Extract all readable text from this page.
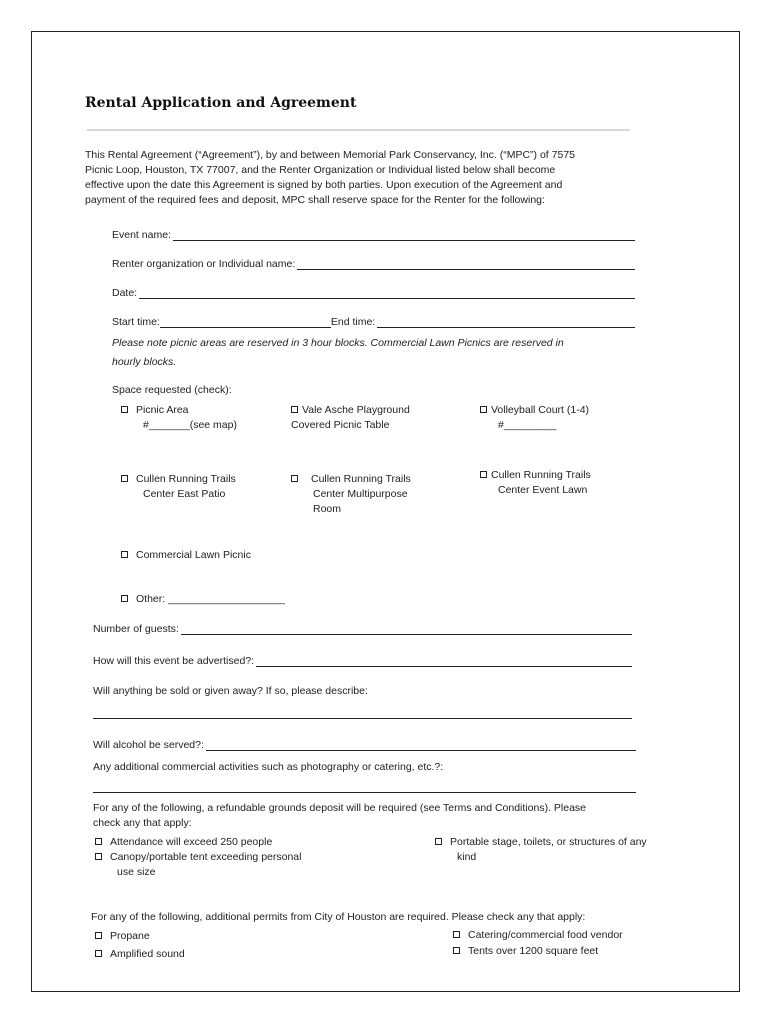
Rental Application and Agreement
This Rental Agreement (“Agreement”), by and between Memorial Park Conservancy, Inc. (“MPC”) of 7575
Picnic Loop, Houston, TX 77007, and the Renter Organization or Individual listed below shall become
effective upon the date this Agreement is signed by both parties. Upon execution of the Agreement and
payment of the required fees and deposit, MPC shall reserve space for the Renter for the following:
Event name:
Renter organization or Individual name:
Date:
Start time:	End time:
Please note picnic areas are reserved in 3 hour blocks. Commercial Lawn Picnics are reserved in
hourly blocks.
Space requested (check):
Picnic Area
#_______(see map)
Vale Asche Playground
Covered Picnic Table
Volleyball Court (1-4)
#_________
Cullen Running Trails
Center East Patio
Cullen Running Trails
Center Multipurpose
Room
Cullen Running Trails
Center Event Lawn
Commercial Lawn Picnic
Other: ____________________
Number of guests:
How will this event be advertised?:
Will anything be sold or given away? If so, please describe:
Will alcohol be served?:
Any additional commercial activities such as photography or catering, etc.?:
For any of the following, a refundable grounds deposit will be required (see Terms and Conditions). Please
check any that apply:
Attendance will exceed 250 people
Canopy/portable tent exceeding personal
use size
Portable stage, toilets, or structures of any
kind
For any of the following, additional permits from City of Houston are required. Please check any that apply:
Propane
Amplified sound
Catering/commercial food vendor
Tents over 1200 square feet
